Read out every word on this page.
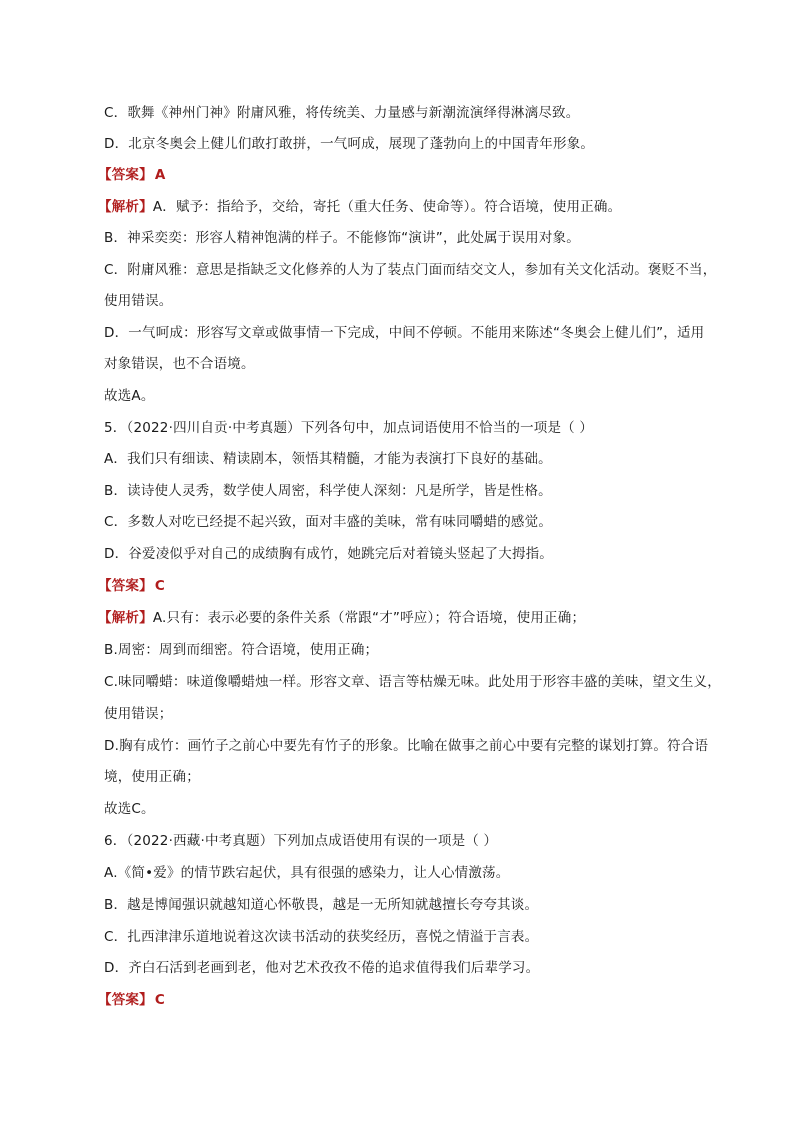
C．歌舞《神州门神》附庸风雅，将传统美、力量感与新潮流演绎得淋漓尽致。
D．北京冬奥会上健儿们敢打敢拼，一气呵成，展现了蓬勃向上的中国青年形象。
【答案】 A
【解析】A．赋予：指给予，交给，寄托（重大任务、使命等）。符合语境，使用正确。
B．神采奕奕：形容人精神饱满的样子。不能修饰“演讲”，此处属于误用对象。
C．附庸风雅：意思是指缺乏文化修养的人为了装点门面而结交文人，参加有关文化活动。褒贬不当，
使用错误。
D．一气呵成：形容写文章或做事情一下完成，中间不停顿。不能用来陈述“冬奥会上健儿们”，适用
对象错误，也不合语境。
故选A。
5．（2022·四川自贡·中考真题）下列各句中，加点词语使用不恰当的一项是（ ）
A．我们只有细读、精读剧本，领悟其精髓，才能为表演打下良好的基础。
B．读诗使人灵秀，数学使人周密，科学使人深刻：凡是所学，皆是性格。
C．多数人对吃已经提不起兴致，面对丰盛的美味，常有味同嚼蜡的感觉。
D．谷爱凌似乎对自己的成绩胸有成竹，她跳完后对着镜头竖起了大拇指。
【答案】 C
【解析】A.只有：表示必要的条件关系（常跟“才”呼应）；符合语境，使用正确；
B.周密：周到而细密。符合语境，使用正确；
C.味同嚼蜡：味道像嚼蜡烛一样。形容文章、语言等枯燥无味。此处用于形容丰盛的美味，望文生义，
使用错误；
D.胸有成竹：画竹子之前心中要先有竹子的形象。比喻在做事之前心中要有完整的谋划打算。符合语
境，使用正确；
故选C。
6．（2022·西藏·中考真题）下列加点成语使用有误的一项是（ ）
A.《简•爱》的情节跌宕起伏，具有很强的感染力，让人心情激荡。
B．越是博闻强识就越知道心怀敬畏，越是一无所知就越擅长夸夸其谈。
C．扎西津津乐道地说着这次读书活动的获奖经历，喜悦之情溢于言表。
D．齐白石活到老画到老，他对艺术孜孜不倦的追求值得我们后辈学习。
【答案】 C
